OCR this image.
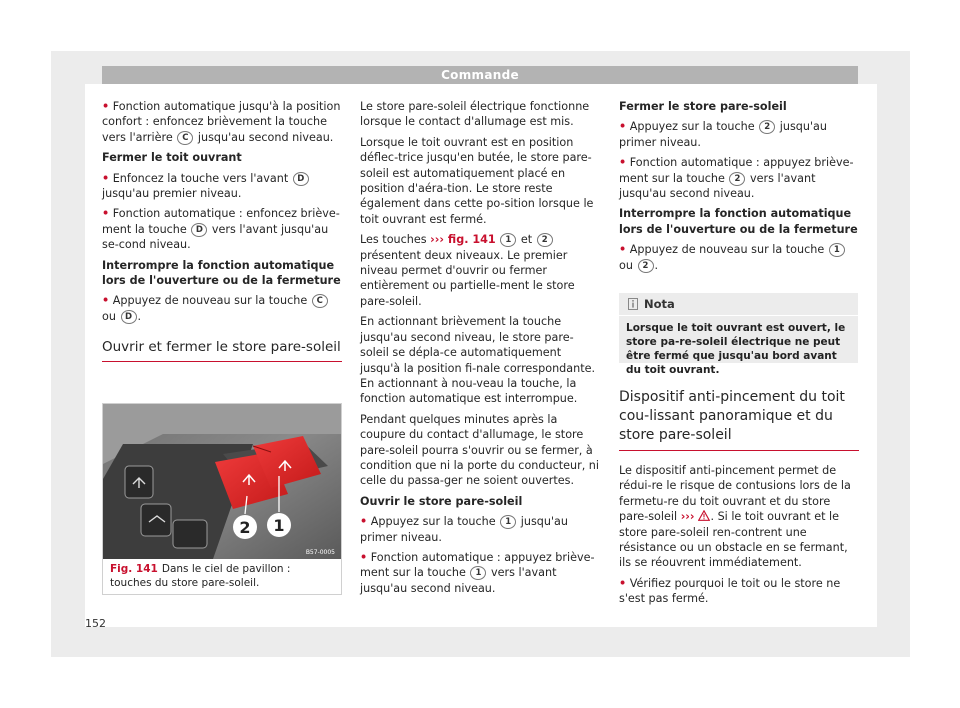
Commande

• Fonction automatique jusqu'à la position confort : enfoncez brièvement la touche vers l'arrière C jusqu'au second niveau.

Fermer le toit ouvrant

• Enfoncez la touche vers l'avant D jusqu'au premier niveau.

• Fonction automatique : enfoncez briève-ment la touche D vers l'avant jusqu'au se-cond niveau.

Interrompre la fonction automatique lors de l'ouverture ou de la fermeture

• Appuyez de nouveau sur la touche C ou D .

Ouvrir et fermer le store pare-soleil
2 1
B57-0005
Fig. 141 Dans le ciel de pavillon : touches du store pare-soleil.

Le store pare-soleil électrique fonctionne lorsque le contact d'allumage est mis.

Lorsque le toit ouvrant est en position déflec-trice jusqu'en butée, le store pare-soleil est automatiquement placé en position d'aéra-tion. Le store reste également dans cette po-sition lorsque le toit ouvrant est fermé.

Les touches ››› fig. 141 1 et 2 présentent deux niveaux. Le premier niveau permet d'ouvrir ou fermer entièrement ou partielle-ment le store pare-soleil.

En actionnant brièvement la touche jusqu'au second niveau, le store pare-soleil se dépla-ce automatiquement jusqu'à la position fi-nale correspondante. En actionnant à nou-veau la touche, la fonction automatique est interrompue.

Pendant quelques minutes après la coupure du contact d'allumage, le store pare-soleil pourra s'ouvrir ou se fermer, à condition que ni la porte du conducteur, ni celle du passa-ger ne soient ouvertes.

Ouvrir le store pare-soleil

• Appuyez sur la touche 1 jusqu'au primer niveau.

• Fonction automatique : appuyez briève-ment sur la touche 1 vers l'avant jusqu'au second niveau.

Fermer le store pare-soleil

• Appuyez sur la touche 2 jusqu'au primer niveau.

• Fonction automatique : appuyez briève-ment sur la touche 2 vers l'avant jusqu'au second niveau.

Interrompre la fonction automatique lors de l'ouverture ou de la fermeture

• Appuyez de nouveau sur la touche 1 ou 2 .

Nota
Lorsque le toit ouvrant est ouvert, le store pa-re-soleil électrique ne peut être fermé que jusqu'au bord avant du toit ouvrant.
Dispositif anti-pincement du toit cou-lissant panoramique et du store pare-soleil

Le dispositif anti-pincement permet de rédui-re le risque de contusions lors de la fermetu-re du toit ouvrant et du store pare-soleil ››› . Si le toit ouvrant et le store pare-soleil ren-contrent une résistance ou un obstacle en se fermant, ils se réouvrent immédiatement.

• Vérifiez pourquoi le toit ou le store ne s'est pas fermé.

152
